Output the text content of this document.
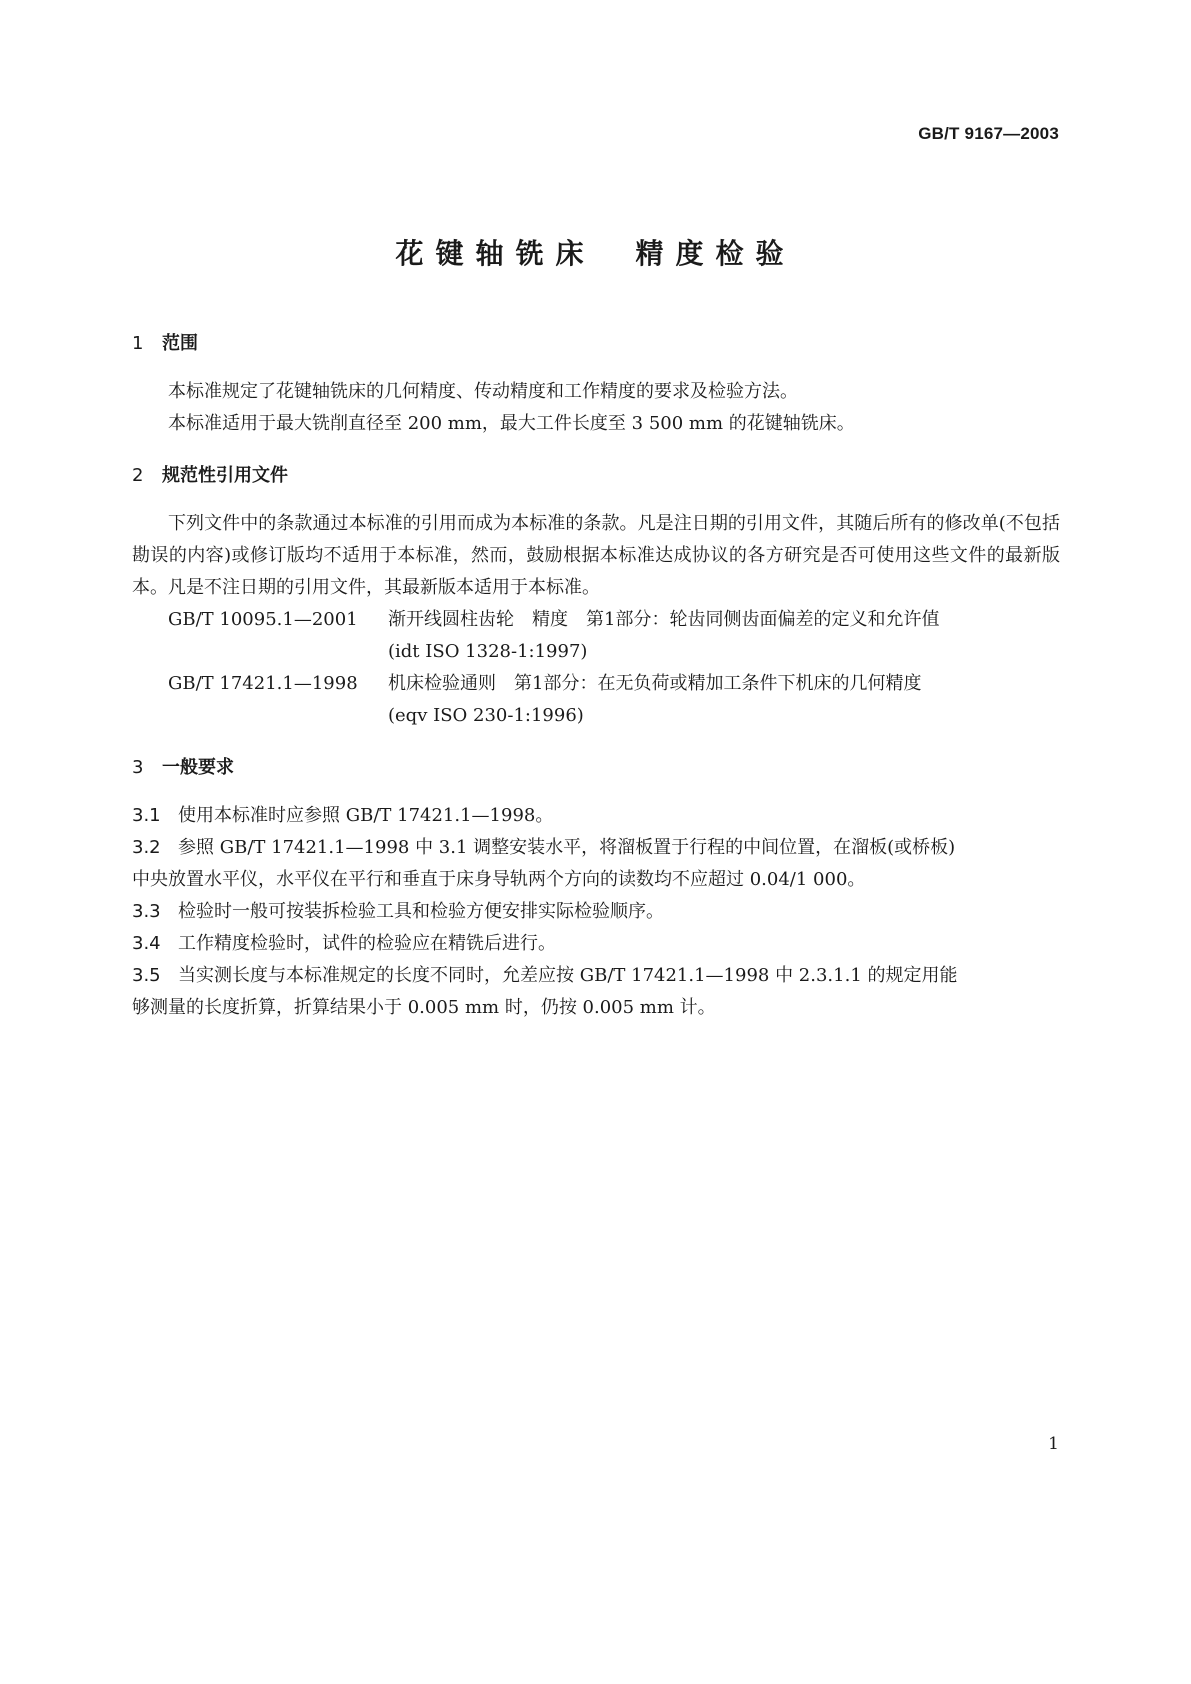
GB/T 9167—2003
花键轴铣床 精度检验
1	范围

本标准规定了花键轴铣床的几何精度、传动精度和工作精度的要求及检验方法。

本标准适用于最大铣削直径至 200 mm，最大工件长度至 3 500 mm 的花键轴铣床。

2	规范性引用文件

下列文件中的条款通过本标准的引用而成为本标准的条款。凡是注日期的引用文件，其随后所有的修改单(不包括勘误的内容)或修订版均不适用于本标准，然而，鼓励根据本标准达成协议的各方研究是否可使用这些文件的最新版本。凡是不注日期的引用文件，其最新版本适用于本标准。

GB/T 10095.1—2001	渐开线圆柱齿轮　精度　第1部分：轮齿同侧齿面偏差的定义和允许值
(idt ISO 1328-1:1997)
GB/T 17421.1—1998	机床检验通则　第1部分：在无负荷或精加工条件下机床的几何精度
(eqv ISO 230-1:1996)
3	一般要求
3.1 使用本标准时应参照 GB/T 17421.1—1998。
3.2 参照 GB/T 17421.1—1998 中 3.1 调整安装水平，将溜板置于行程的中间位置，在溜板(或桥板)

中央放置水平仪，水平仪在平行和垂直于床身导轨两个方向的读数均不应超过 0.04/1 000。

3.3 检验时一般可按装拆检验工具和检验方便安排实际检验顺序。
3.4 工作精度检验时，试件的检验应在精铣后进行。
3.5 当实测长度与本标准规定的长度不同时，允差应按 GB/T 17421.1—1998 中 2.3.1.1 的规定用能

够测量的长度折算，折算结果小于 0.005 mm 时，仍按 0.005 mm 计。

1
